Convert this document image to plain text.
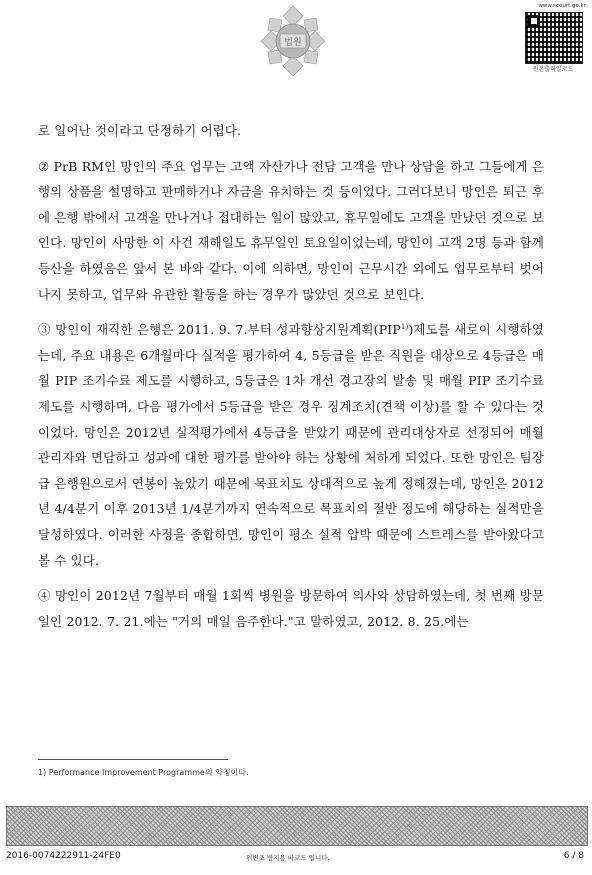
법원
www.scourt.go.kr
원본출력일코드

로 일어난 것이라고 단정하기 어렵다.

② PrB RM인 망인의 주요 업무는 고액 자산가나 전담 고객을 만나 상담을 하고 그들에게 은행의 상품을 설명하고 판매하거나 자금을 유치하는 것 등이었다. 그러다보니 망인은 퇴근 후에 은행 밖에서 고객을 만나거나 접대하는 일이 많았고, 휴무일에도 고객을 만났던 것으로 보인다. 망인이 사망한 이 사건 재해일도 휴무일인 토요일이었는데, 망인이 고객 2명 등과 함께 등산을 하였음은 앞서 본 바와 같다. 이에 의하면, 망인이 근무시간 외에도 업무로부터 벗어나지 못하고, 업무와 유관한 활동을 하는 경우가 많았던 것으로 보인다.

③ 망인이 재직한 은행은 2011. 9. 7.부터 성과향상지원계획(PIP$^{1)}$)제도를 새로이 시행하였는데, 주요 내용은 6개월마다 실적을 평가하여 4, 5등급을 받은 직원을 대상으로 4등급은 매월 PIP 조기수료 제도를 시행하고, 5등급은 1차 개선 경고장의 발송 및 매월 PIP 조기수료 제도를 시행하며, 다음 평가에서 5등급을 받은 경우 징계조치(견책 이상)를 할 수 있다는 것이었다. 망인은 2012년 실적평가에서 4등급을 받았기 때문에 관리대상자로 선정되어 매월 관리자와 면담하고 성과에 대한 평가를 받아야 하는 상황에 처하게 되었다. 또한 망인은 팀장급 은행원으로서 연봉이 높았기 때문에 목표치도 상대적으로 높게 정해졌는데, 망인은 2012년 4/4분기 이후 2013년 1/4분기까지 연속적으로 목표치의 절반 정도에 해당하는 실적만을 달성하였다. 이러한 사정을 종합하면, 망인이 평소 실적 압박 때문에 스트레스를 받아왔다고 볼 수 있다.

④ 망인이 2012년 7월부터 매월 1회씩 병원을 방문하여 의사와 상담하였는데, 첫 번째 방문일인 2012. 7. 21.에는 "거의 매일 음주한다."고 말하였고, 2012. 8. 25.에는

1) Performance Improvement Programme의 약칭이다.
2016-0074222911-24FE0	위변조 방지용 바코드 입니다.	6 / 8
